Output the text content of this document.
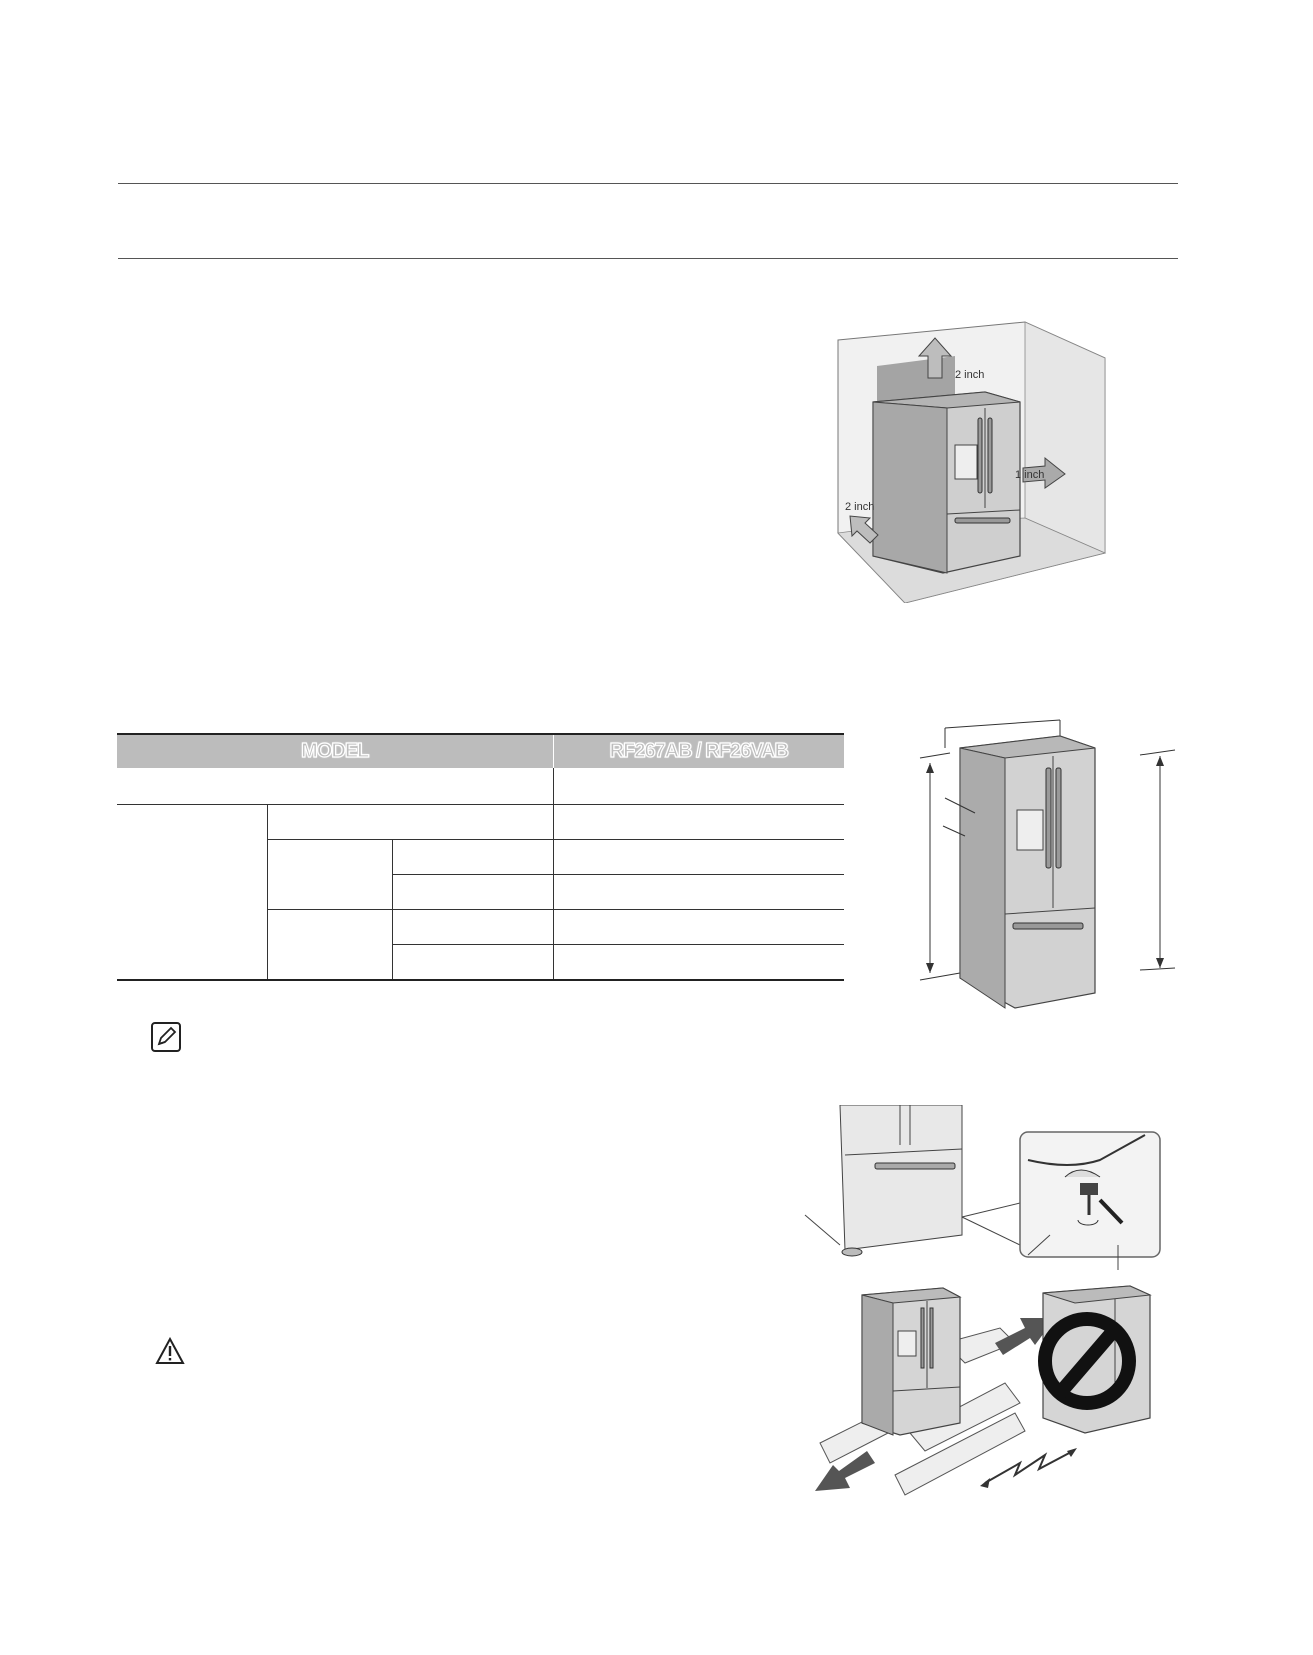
2 inch
1 inch
2 inch
MODEL			RF267AB / RF26VAB
